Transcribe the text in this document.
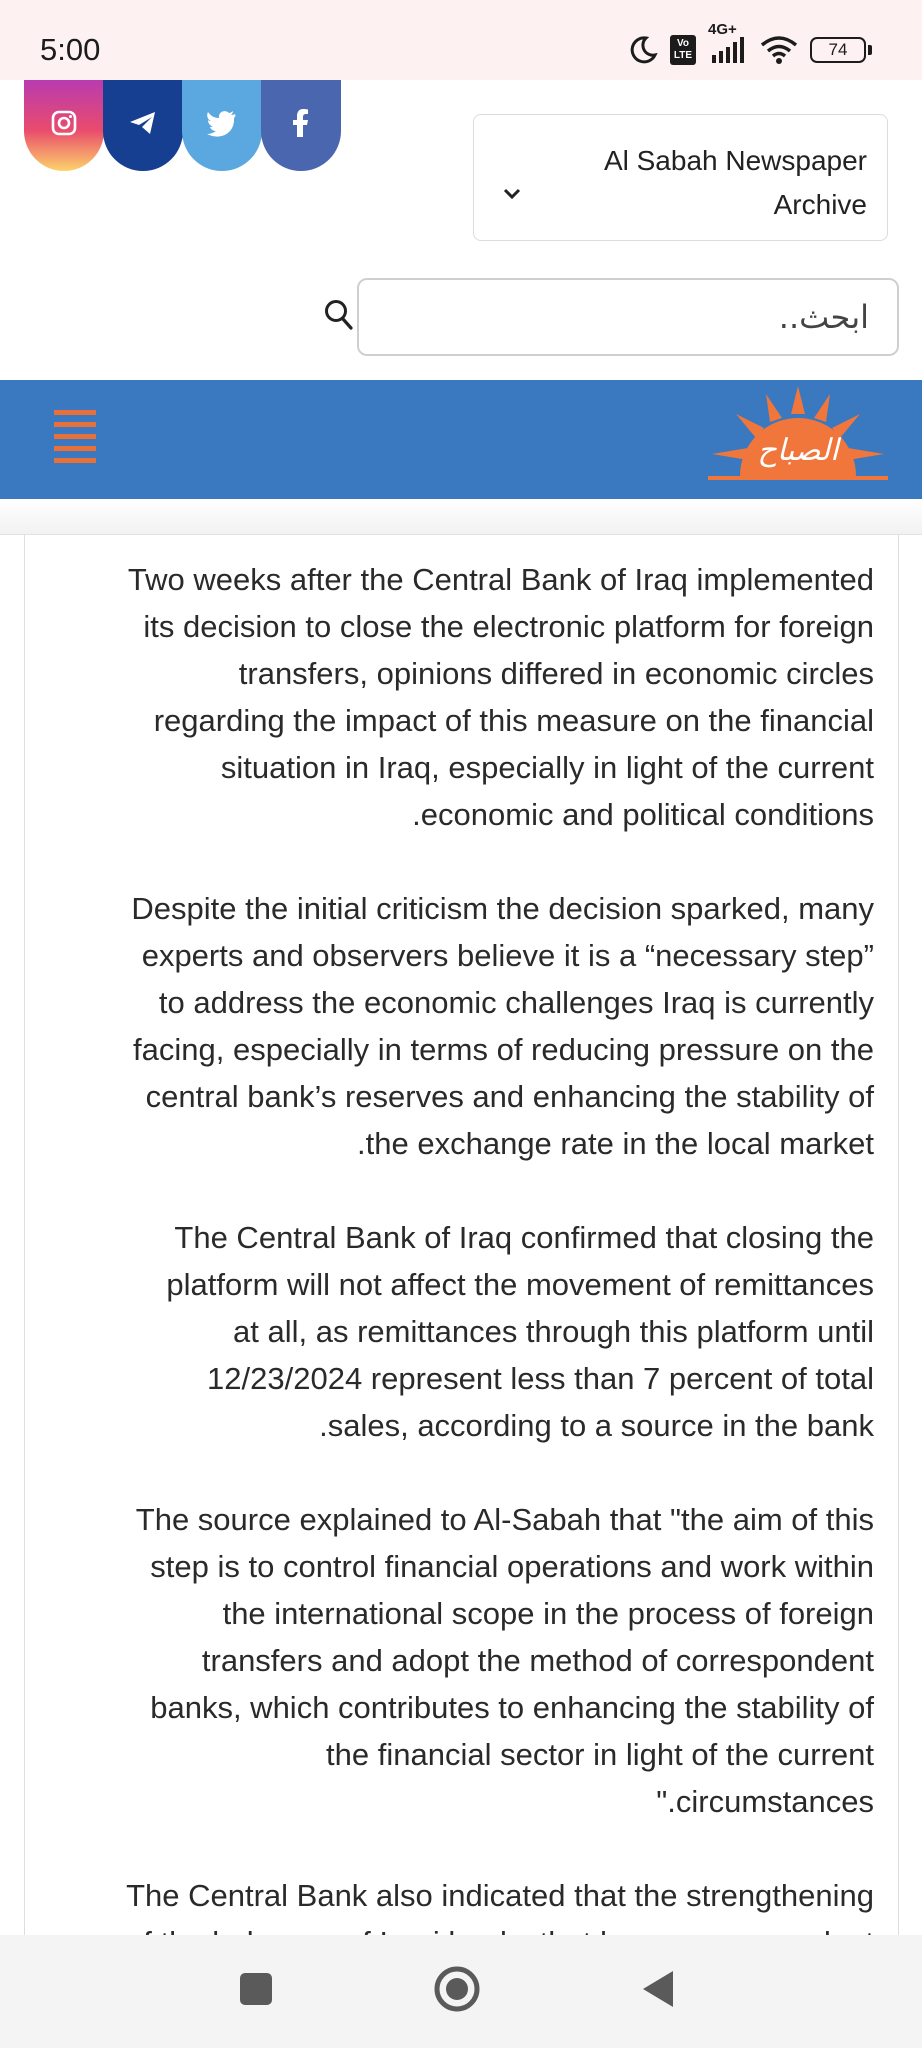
5:00	Vo LTE
4G+
74
Al Sabah Newspaper Archive
ابحث..
الصباح
Two weeks after the Central Bank of Iraq implemented
its decision to close the electronic platform for foreign
transfers, opinions differed in economic circles
regarding the impact of this measure on the financial
situation in Iraq, especially in light of the current
.economic and political conditions
Despite the initial criticism the decision sparked, many
experts and observers believe it is a “necessary step”
to address the economic challenges Iraq is currently
facing, especially in terms of reducing pressure on the
central bank’s reserves and enhancing the stability of
.the exchange rate in the local market
The Central Bank of Iraq confirmed that closing the
platform will not affect the movement of remittances
at all, as remittances through this platform until
12/23/2024 represent less than 7 percent of total
.sales, according to a source in the bank
The source explained to Al-Sabah that "the aim of this
step is to control financial operations and work within
the international scope in the process of foreign
transfers and adopt the method of correspondent
banks, which contributes to enhancing the stability of
the financial sector in light of the current
".circumstances
The Central Bank also indicated that the strengthening
